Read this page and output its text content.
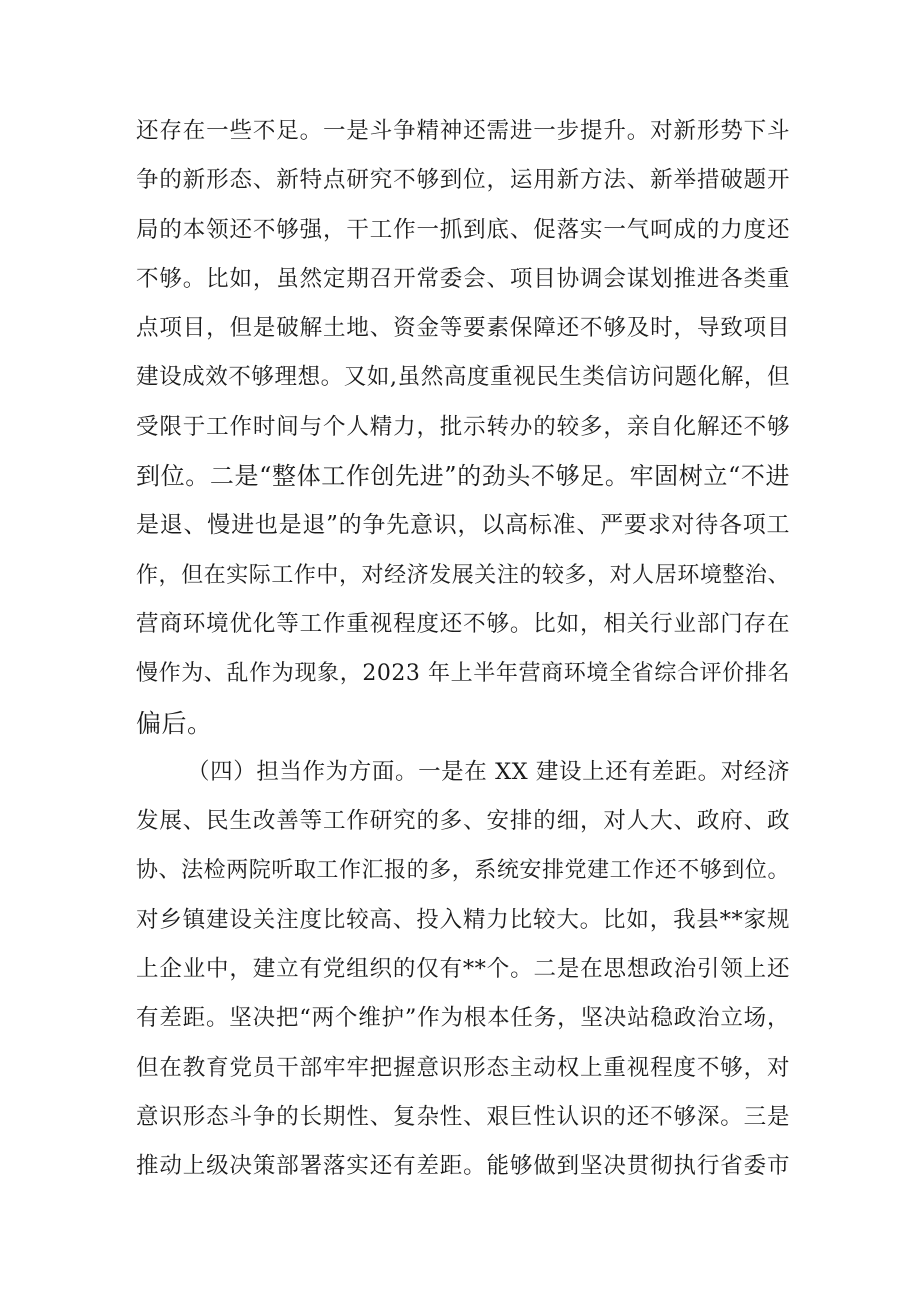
还存在一些不足。一是斗争精神还需进一步提升。对新形势下斗
争的新形态、新特点研究不够到位，运用新方法、新举措破题开
局的本领还不够强，干工作一抓到底、促落实一气呵成的力度还
不够。比如，虽然定期召开常委会、项目协调会谋划推进各类重
点项目，但是破解土地、资金等要素保障还不够及时，导致项目
建设成效不够理想。又如,虽然高度重视民生类信访问题化解，但
受限于工作时间与个人精力，批示转办的较多，亲自化解还不够
到位。二是“整体工作创先进”的劲头不够足。牢固树立“不进
是退、慢进也是退”的争先意识，以高标准、严要求对待各项工
作，但在实际工作中，对经济发展关注的较多，对人居环境整治、
营商环境优化等工作重视程度还不够。比如，相关行业部门存在
慢作为、乱作为现象，2023 年上半年营商环境全省综合评价排名
偏后。
（四）担当作为方面。一是在 XX 建设上还有差距。对经济
发展、民生改善等工作研究的多、安排的细，对人大、政府、政
协、法检两院听取工作汇报的多，系统安排党建工作还不够到位。
对乡镇建设关注度比较高、投入精力比较大。比如，我县**家规
上企业中，建立有党组织的仅有**个。二是在思想政治引领上还
有差距。坚决把“两个维护”作为根本任务，坚决站稳政治立场，
但在教育党员干部牢牢把握意识形态主动权上重视程度不够，对
意识形态斗争的长期性、复杂性、艰巨性认识的还不够深。三是
推动上级决策部署落实还有差距。能够做到坚决贯彻执行省委市
